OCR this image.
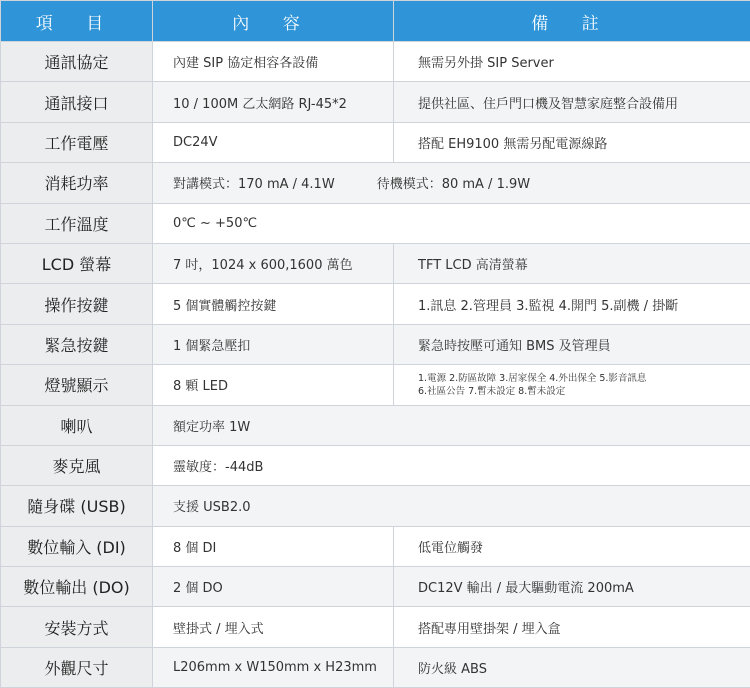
項 目	內 容	備 註
通訊協定	內建 SIP 協定相容各設備	無需另外掛 SIP Server
通訊接口	10 / 100M 乙太網路 RJ-45*2	提供社區、住戶門口機及智慧家庭整合設備用
工作電壓	DC24V	搭配 EH9100 無需另配電源線路
消耗功率	對講模式：170 mA / 4.1W 待機模式：80 mA / 1.9W	
工作溫度	0℃ ~ +50℃	
LCD 螢幕	7 吋，1024 x 600,1600 萬色	TFT LCD 高清螢幕
操作按鍵	5 個實體觸控按鍵	1.訊息 2.管理員 3.監視 4.開門 5.副機 / 掛斷
緊急按鍵	1 個緊急壓扣	緊急時按壓可通知 BMS 及管理員
燈號顯示	8 顆 LED	1.電源 2.防區故障 3.居家保全 4.外出保全 5.影音訊息
6.社區公告 7.暫未設定 8.暫未設定

喇叭	額定功率 1W	
麥克風	靈敏度：-44dB	
隨身碟 (USB)	支援 USB2.0	
數位輸入 (DI)	8 個 DI	低電位觸發
數位輸出 (DO)	2 個 DO	DC12V 輸出 / 最大驅動電流 200mA
安裝方式	壁掛式 / 埋入式	搭配專用壁掛架 / 埋入盒
外觀尺寸	L206mm x W150mm x H23mm	防火級 ABS
